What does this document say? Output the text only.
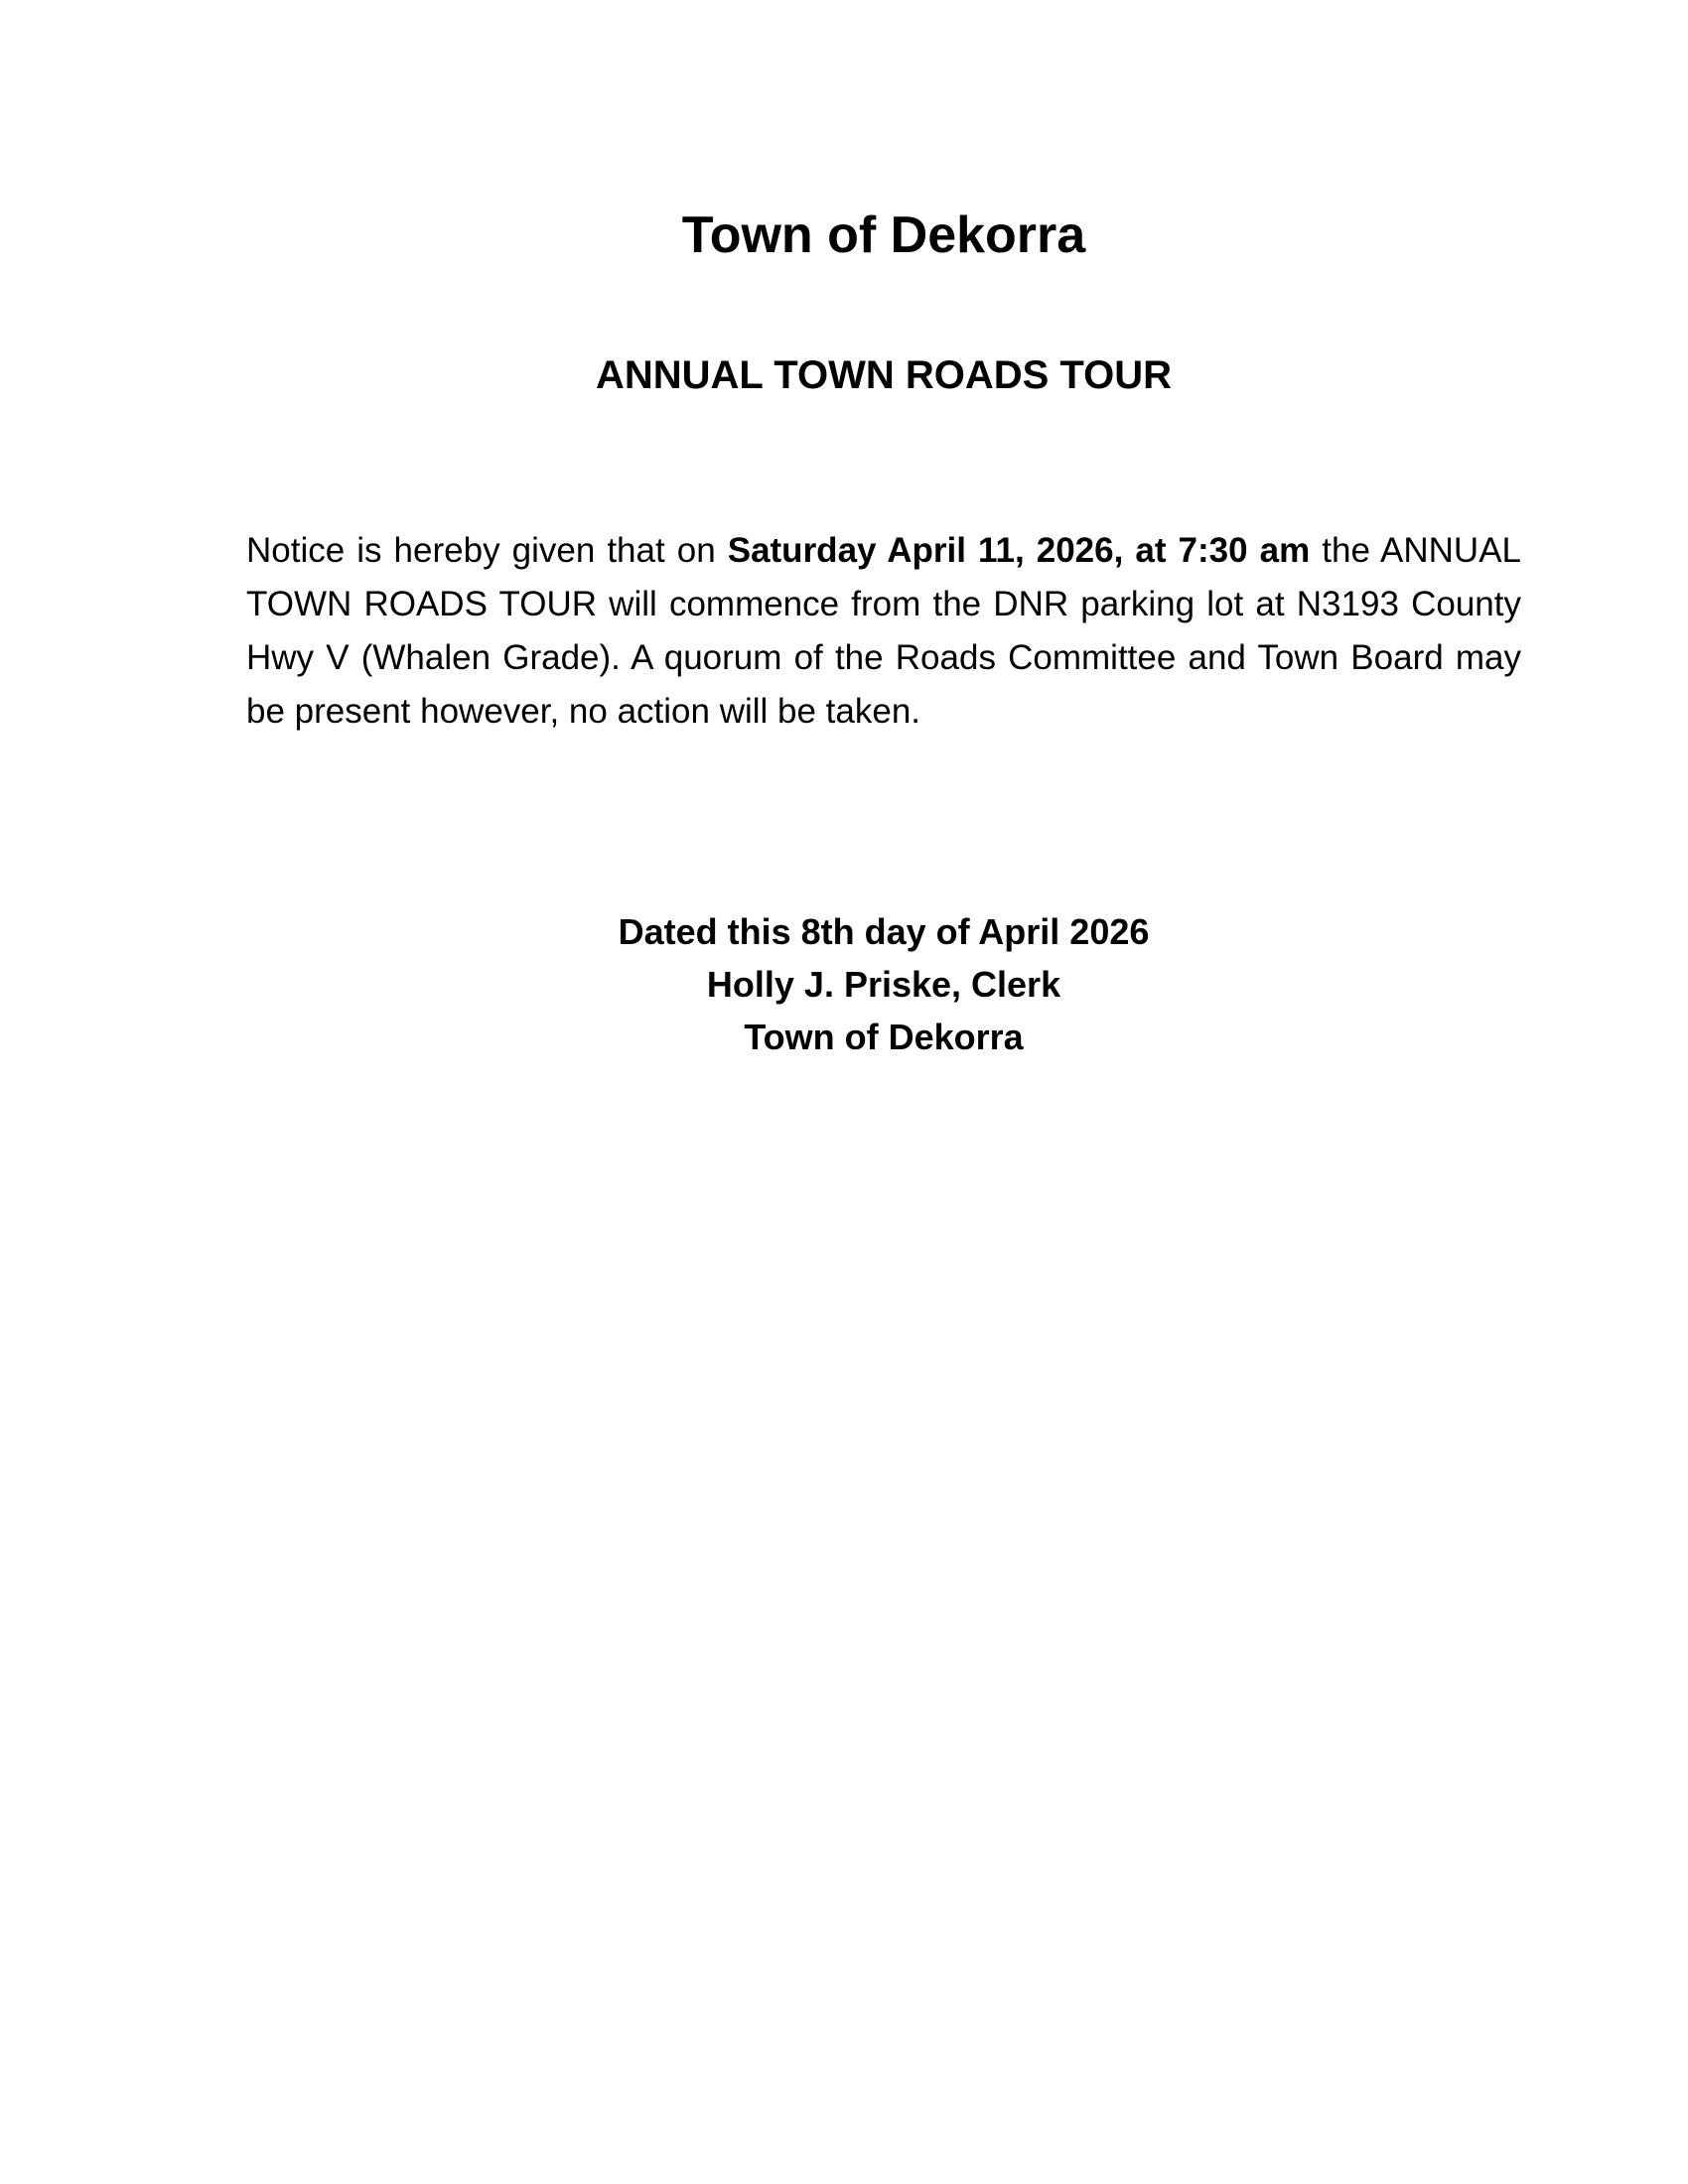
Town of Dekorra
ANNUAL TOWN ROADS TOUR

Notice is hereby given that on Saturday April 11, 2026, at 7:30 am the ANNUAL TOWN ROADS TOUR will commence from the DNR parking lot at N3193 County Hwy V (Whalen Grade). A quorum of the Roads Committee and Town Board may be present however, no action will be taken.

Dated this 8th day of April 2026
Holly J. Priske, Clerk
Town of Dekorra
